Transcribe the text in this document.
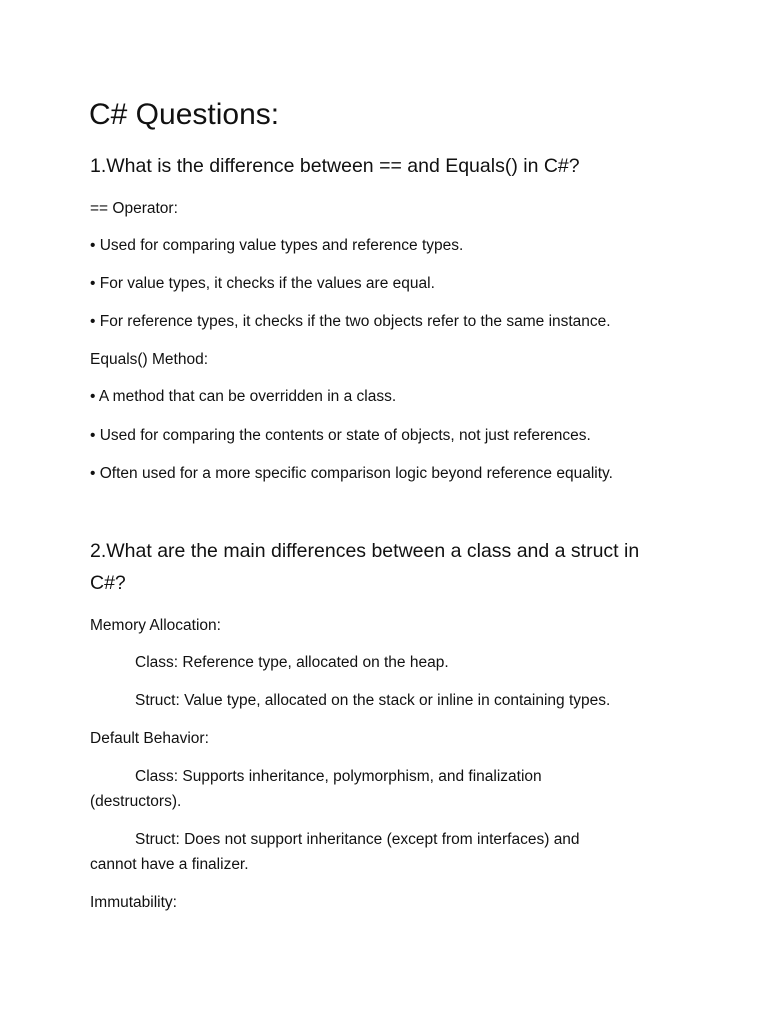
C# Questions:
1.What is the difference between == and Equals() in C#?
== Operator:
• Used for comparing value types and reference types.
• For value types, it checks if the values are equal.
• For reference types, it checks if the two objects refer to the same instance.
Equals() Method:
• A method that can be overridden in a class.
• Used for comparing the contents or state of objects, not just references.
• Often used for a more specific comparison logic beyond reference equality.
2.What are the main differences between a class and a struct in
C#?
Memory Allocation:
Class: Reference type, allocated on the heap.
Struct: Value type, allocated on the stack or inline in containing types.
Default Behavior:
Class: Supports inheritance, polymorphism, and finalization
(destructors).
Struct: Does not support inheritance (except from interfaces) and
cannot have a finalizer.
Immutability:
